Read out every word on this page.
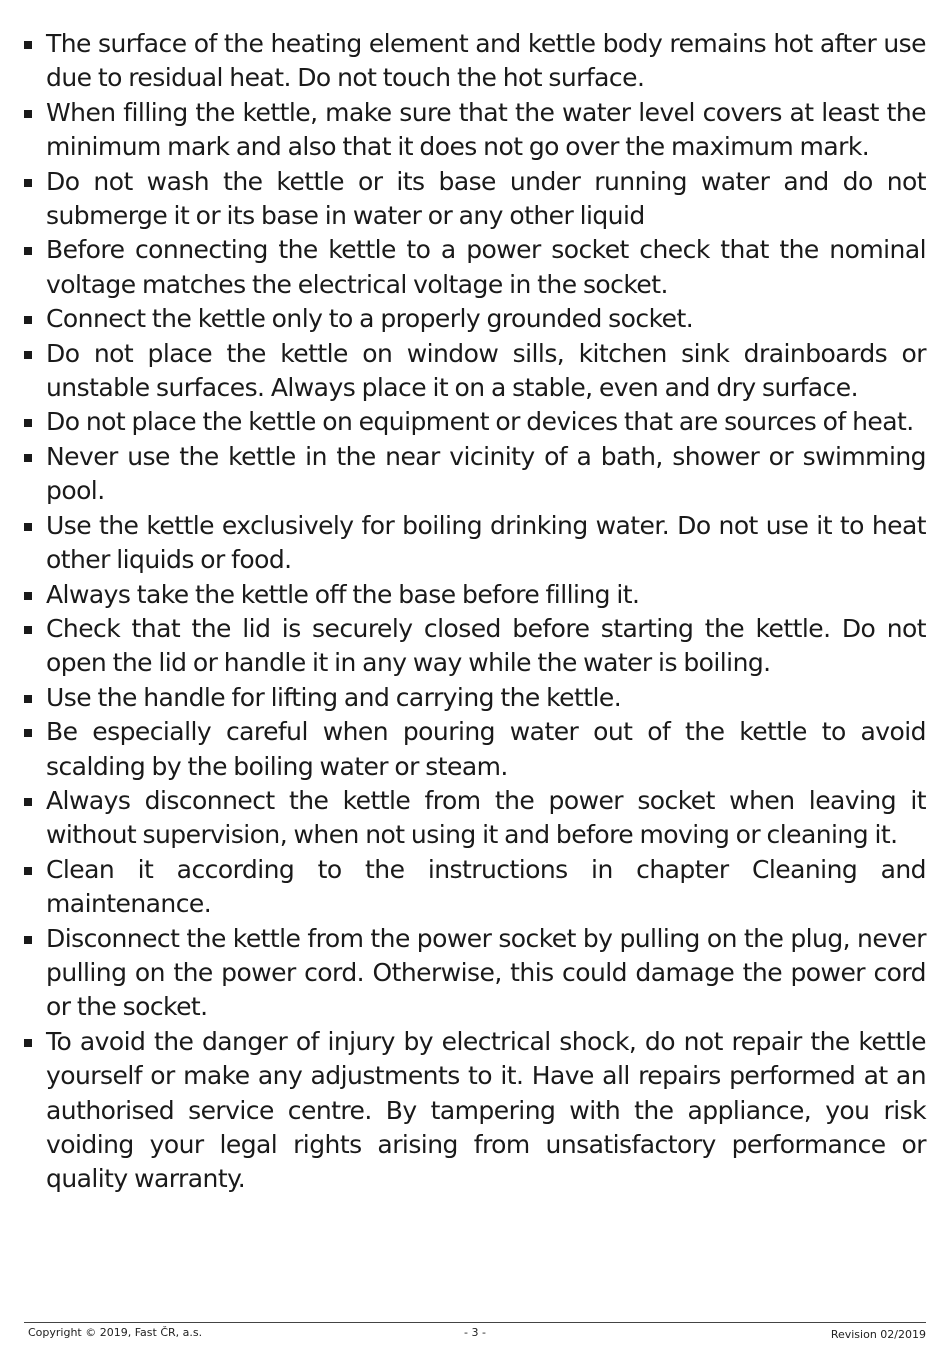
The surface of the heating element and kettle body remains hot after use due to residual heat. Do not touch the hot surface.
When filling the kettle, make sure that the water level covers at least the minimum mark and also that it does not go over the maximum mark.
Do not wash the kettle or its base under running water and do not submerge it or its base in water or any other liquid
Before connecting the kettle to a power socket check that the nominal voltage matches the electrical voltage in the socket.
Connect the kettle only to a properly grounded socket.
Do not place the kettle on window sills, kitchen sink drainboards or unstable surfaces. Always place it on a stable, even and dry surface.
Do not place the kettle on equipment or devices that are sources of heat.
Never use the kettle in the near vicinity of a bath, shower or swimming pool.
Use the kettle exclusively for boiling drinking water. Do not use it to heat other liquids or food.
Always take the kettle off the base before filling it.
Check that the lid is securely closed before starting the kettle. Do not open the lid or handle it in any way while the water is boiling.
Use the handle for lifting and carrying the kettle.
Be especially careful when pouring water out of the kettle to avoid scalding by the boiling water or steam.
Always disconnect the kettle from the power socket when leaving it without supervision, when not using it and before moving or cleaning it.
Clean it according to the instructions in chapter Cleaning and maintenance.
Disconnect the kettle from the power socket by pulling on the plug, never pulling on the power cord. Otherwise, this could damage the power cord or the socket.
To avoid the danger of injury by electrical shock, do not repair the kettle yourself or make any adjustments to it. Have all repairs performed at an authorised service centre. By tampering with the appliance, you risk voiding your legal rights arising from unsatisfactory performance or quality warranty.
Copyright © 2019, Fast ČR, a.s.	- 3 -	Revision 02/2019
